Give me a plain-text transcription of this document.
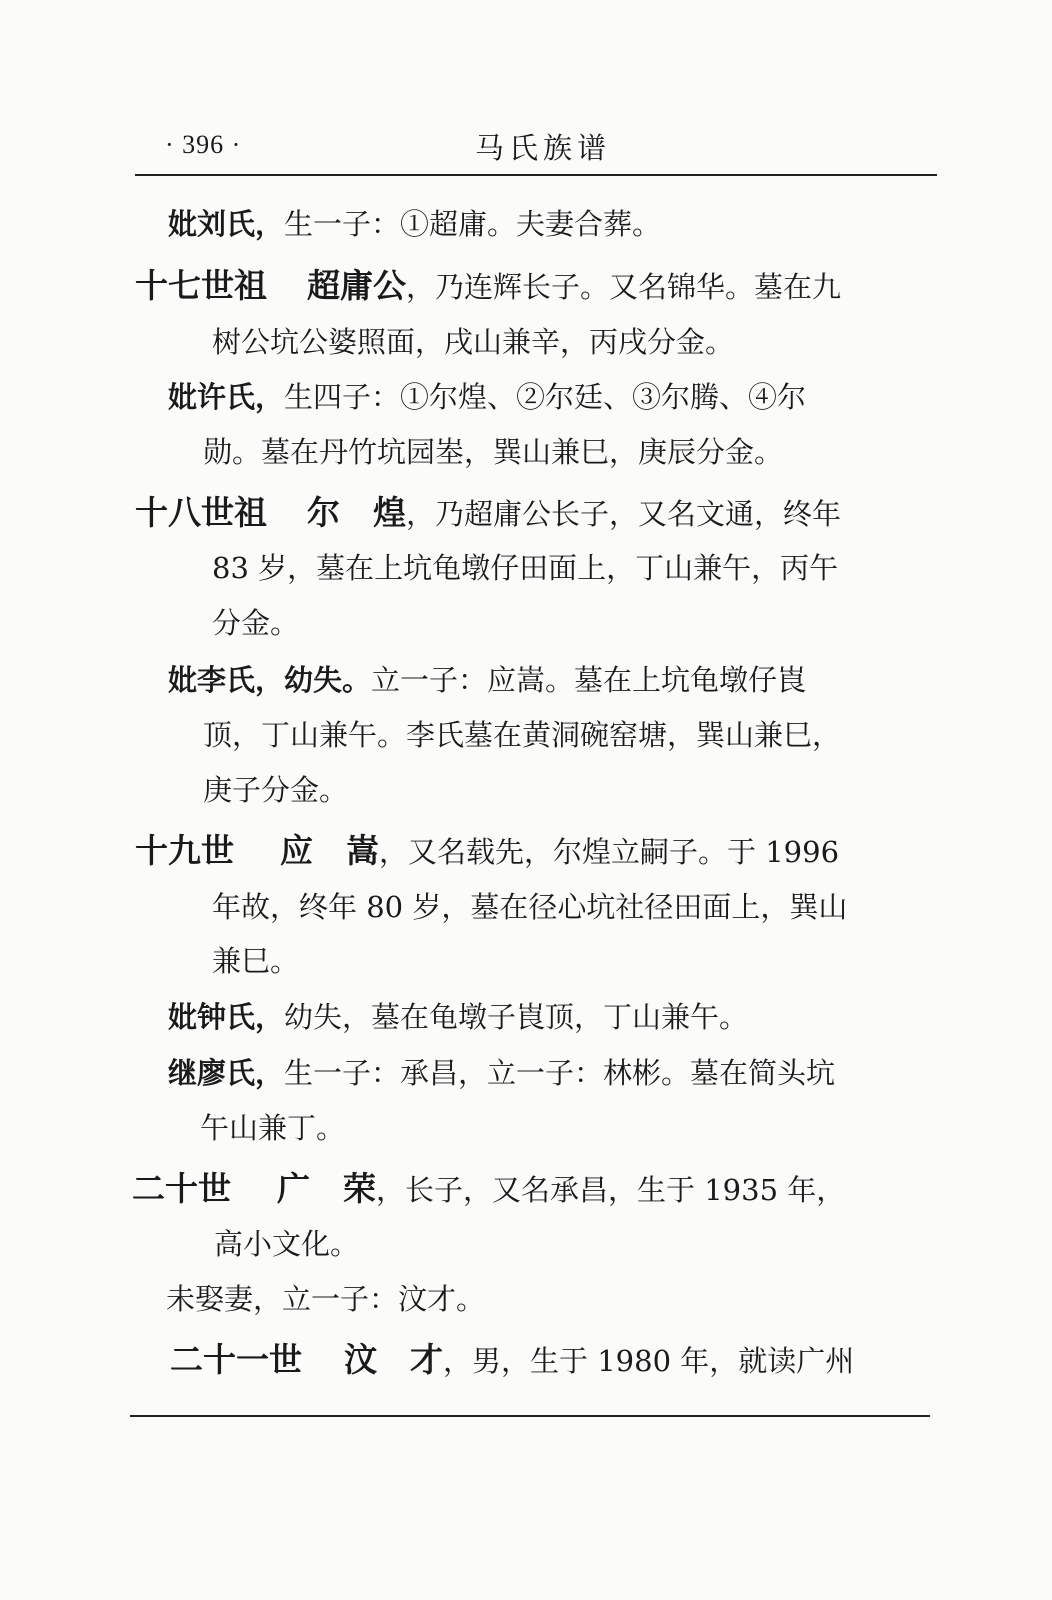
· 396 ·	马氏族谱
妣刘氏，生一子：①超庸。夫妻合葬。
十七世祖 超庸公，乃连辉长子。又名锦华。墓在九
树公坑公婆照面，戌山兼辛，丙戌分金。
妣许氏，生四子：①尔煌、②尔廷、③尔腾、④尔
勋。墓在丹竹坑园峚，巽山兼巳，庚辰分金。
十八世祖 尔　煌，乃超庸公长子，又名文通，终年
83 岁，墓在上坑龟墩仔田面上，丁山兼午，丙午
分金。
妣李氏，幼失。立一子：应嵩。墓在上坑龟墩仔崀
顶，丁山兼午。李氏墓在黄洞碗窑塘，巽山兼巳，
庚子分金。
十九世 应　嵩，又名载先，尔煌立嗣子。于 1996
年故，终年 80 岁，墓在径心坑社径田面上，巽山
兼巳。
妣钟氏，幼失，墓在龟墩子崀顶，丁山兼午。
继廖氏，生一子：承昌，立一子：林彬。墓在简头坑
午山兼丁。
二十世 广　荣，长子，又名承昌，生于 1935 年，
高小文化。
未娶妻，立一子：汶才。
二十一世 汶　才，男，生于 1980 年，就读广州
